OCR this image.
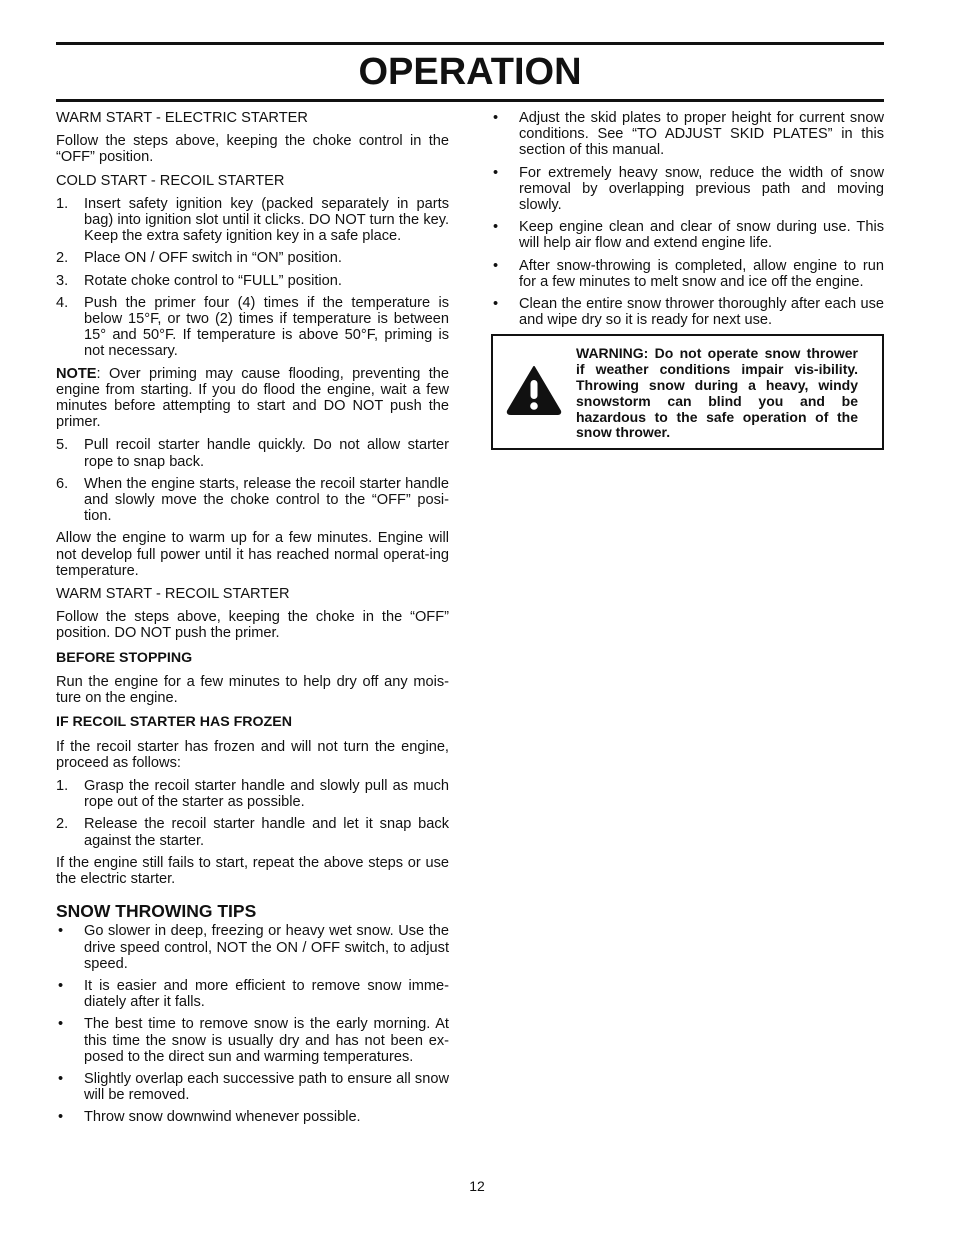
OPERATION

WARM START - ELECTRIC STARTER

Follow the steps above, keeping the choke control in the “OFF” position.

COLD START - RECOIL STARTER

1. Insert safety ignition key (packed separately in parts bag) into ignition slot until it clicks. DO NOT turn the key. Keep the extra safety ignition key in a safe place.
2. Place ON / OFF switch in “ON” position.
3. Rotate choke control to “FULL” position.
4. Push the primer four (4) times if the temperature is below 15°F, or two (2) times if temperature is between 15° and 50°F. If temperature is above 50°F, priming is not necessary.

NOTE: Over priming may cause flooding, preventing the engine from starting. If you do flood the engine, wait a few minutes before attempting to start and DO NOT push the primer.

5. Pull recoil starter handle quickly. Do not allow starter rope to snap back.
6. When the engine starts, release the recoil starter handle and slowly move the choke control to the “OFF” posi-tion.

Allow the engine to warm up for a few minutes. Engine will not develop full power until it has reached normal operat-ing temperature.

WARM START - RECOIL STARTER

Follow the steps above, keeping the choke in the “OFF” position. DO NOT push the primer.

BEFORE STOPPING

Run the engine for a few minutes to help dry off any mois-ture on the engine.

IF RECOIL STARTER HAS FROZEN

If the recoil starter has frozen and will not turn the engine, proceed as follows:

1. Grasp the recoil starter handle and slowly pull as much rope out of the starter as possible.
2. Release the recoil starter handle and let it snap back against the starter.

If the engine still fails to start, repeat the above steps or use the electric starter.

SNOW THROWING TIPS
• Go slower in deep, freezing or heavy wet snow. Use the drive speed control, NOT the ON / OFF switch, to adjust speed.
• It is easier and more efficient to remove snow imme-diately after it falls.
• The best time to remove snow is the early morning. At this time the snow is usually dry and has not been ex-posed to the direct sun and warming temperatures.
• Slightly overlap each successive path to ensure all snow will be removed.
• Throw snow downwind whenever possible.
• Adjust the skid plates to proper height for current snow conditions. See “TO ADJUST SKID PLATES” in this section of this manual.
• For extremely heavy snow, reduce the width of snow removal by overlapping previous path and moving slowly.
• Keep engine clean and clear of snow during use. This will help air flow and extend engine life.
• After snow-throwing is completed, allow engine to run for a few minutes to melt snow and ice off the engine.
• Clean the entire snow thrower thoroughly after each use and wipe dry so it is ready for next use.
WARNING: Do not operate snow thrower if weather conditions impair vis-ibility. Throwing snow during a heavy, windy snowstorm can blind you and be hazardous to the safe operation of the snow thrower.
12
